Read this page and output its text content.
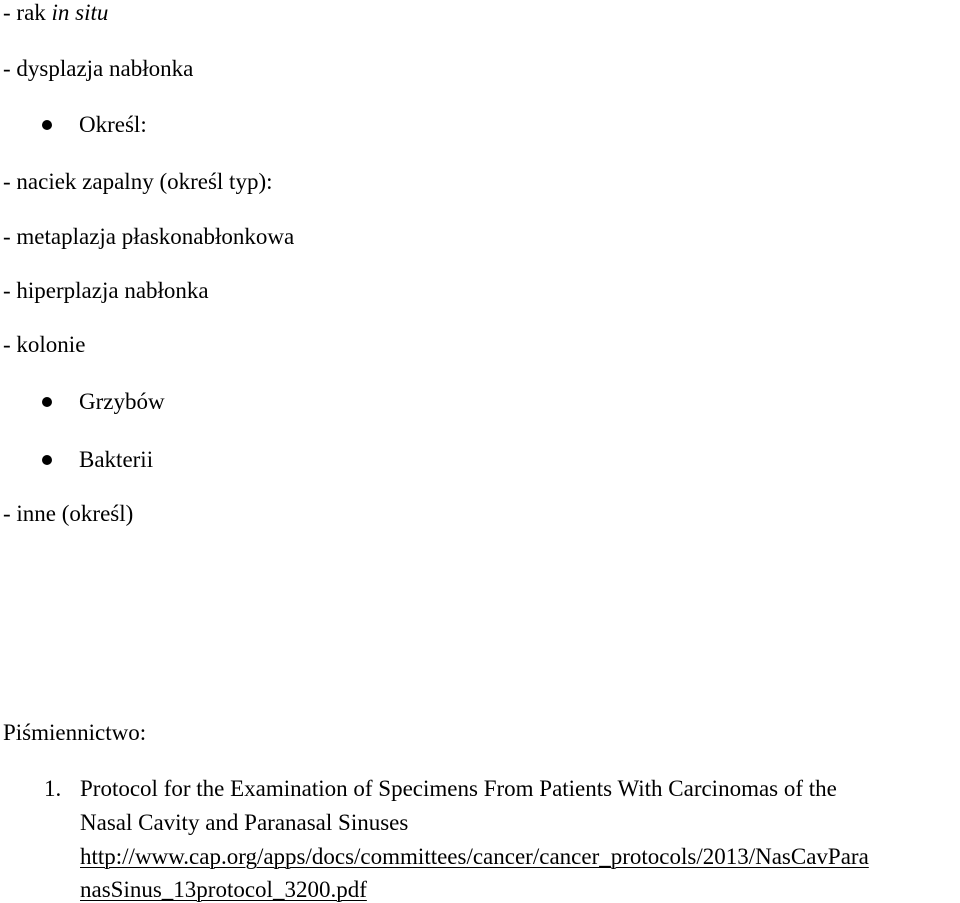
- rak in situ
- dysplazja nabłonka
Określ:
- naciek zapalny (określ typ):
- metaplazja płaskonabłonkowa
- hiperplazja nabłonka
- kolonie
Grzybów
Bakterii
- inne (określ)
Piśmiennictwo:
1. Protocol for the Examination of Specimens From Patients With Carcinomas of the
Nasal Cavity and Paranasal Sinuses
http://www.cap.org/apps/docs/committees/cancer/cancer_protocols/2013/NasCavPara
nasSinus_13protocol_3200.pdf
